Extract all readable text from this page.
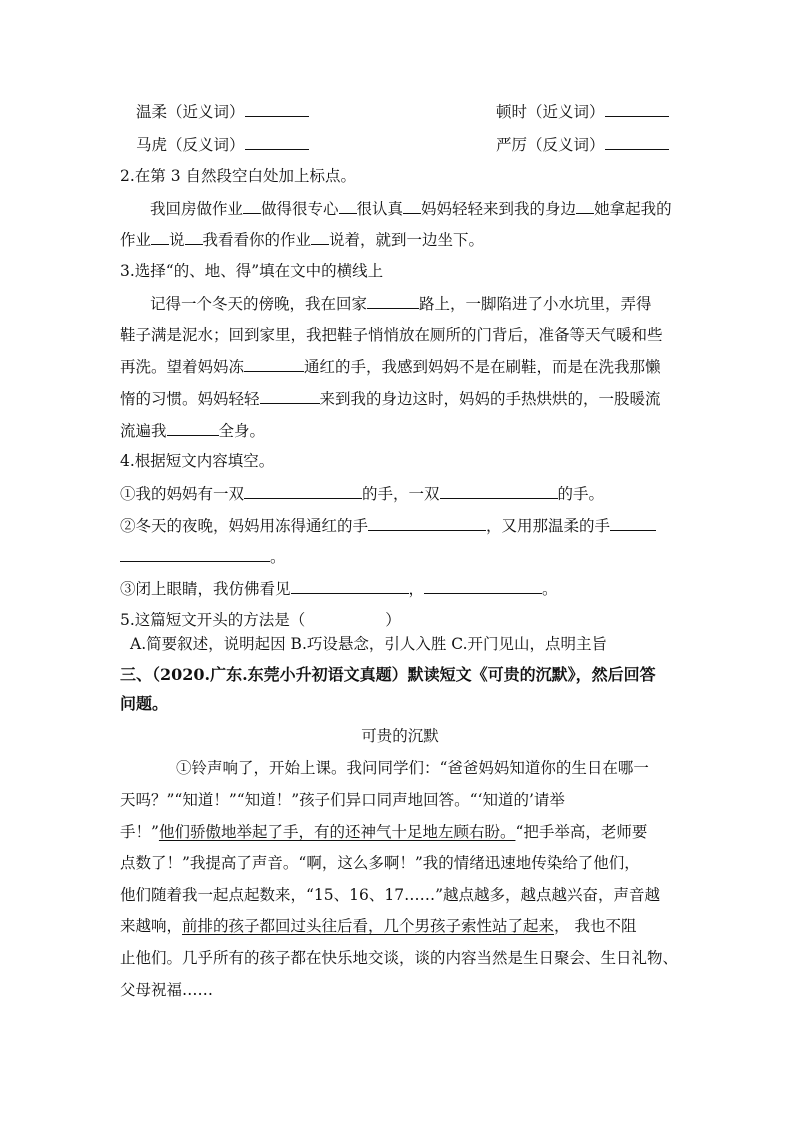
温柔（近义词）	顿时（近义词）
马虎（反义词）	严厉（反义词）
2.在第 3 自然段空白处加上标点。
我回房做作业 做得很专心 很认真 妈妈轻轻来到我的身边 她拿起我的
作业 说 我看看你的作业 说着，就到一边坐下。
3.选择“的、地、得”填在文中的横线上
记得一个冬天的傍晚，我在回家	路上，一脚陷进了小水坑里，弄得
鞋子满是泥水；回到家里，我把鞋子悄悄放在厕所的门背后，准备等天气暖和些
再洗。望着妈妈冻	通红的手，我感到妈妈不是在刷鞋，而是在洗我那懒
惰的习惯。妈妈轻轻	来到我的身边这时，妈妈的手热烘烘的，一股暖流
流遍我	全身。
4.根据短文内容填空。
①我的妈妈有一双	的手，一双	的手。
②冬天的夜晚，妈妈用冻得通红的手	，又用那温柔的手
。
③闭上眼睛，我仿佛看见	，	。
5.这篇短文开头的方法是（	）
A.简要叙述，说明起因 B.巧设悬念，引人入胜 C.开门见山，点明主旨
三、（2020.广东.东莞小升初语文真题）默读短文《可贵的沉默》，然后回答
问题。
可贵的沉默
①铃声响了，开始上课。我问同学们：“爸爸妈妈知道你的生日在哪一
天吗？”“知道！”“知道！”孩子们异口同声地回答。“‘知道的’请举
手！”他们骄傲地举起了手，有的还神气十足地左顾右盼。“把手举高，老师要
点数了！”我提高了声音。“啊，这么多啊！”我的情绪迅速地传染给了他们，
他们随着我一起点起数来，“15、16、17……”越点越多，越点越兴奋，声音越
来越响，前排的孩子都回过头往后看，几个男孩子索性站了起来， 我也不阻
止他们。几乎所有的孩子都在快乐地交谈，谈的内容当然是生日聚会、生日礼物、
父母祝福……
